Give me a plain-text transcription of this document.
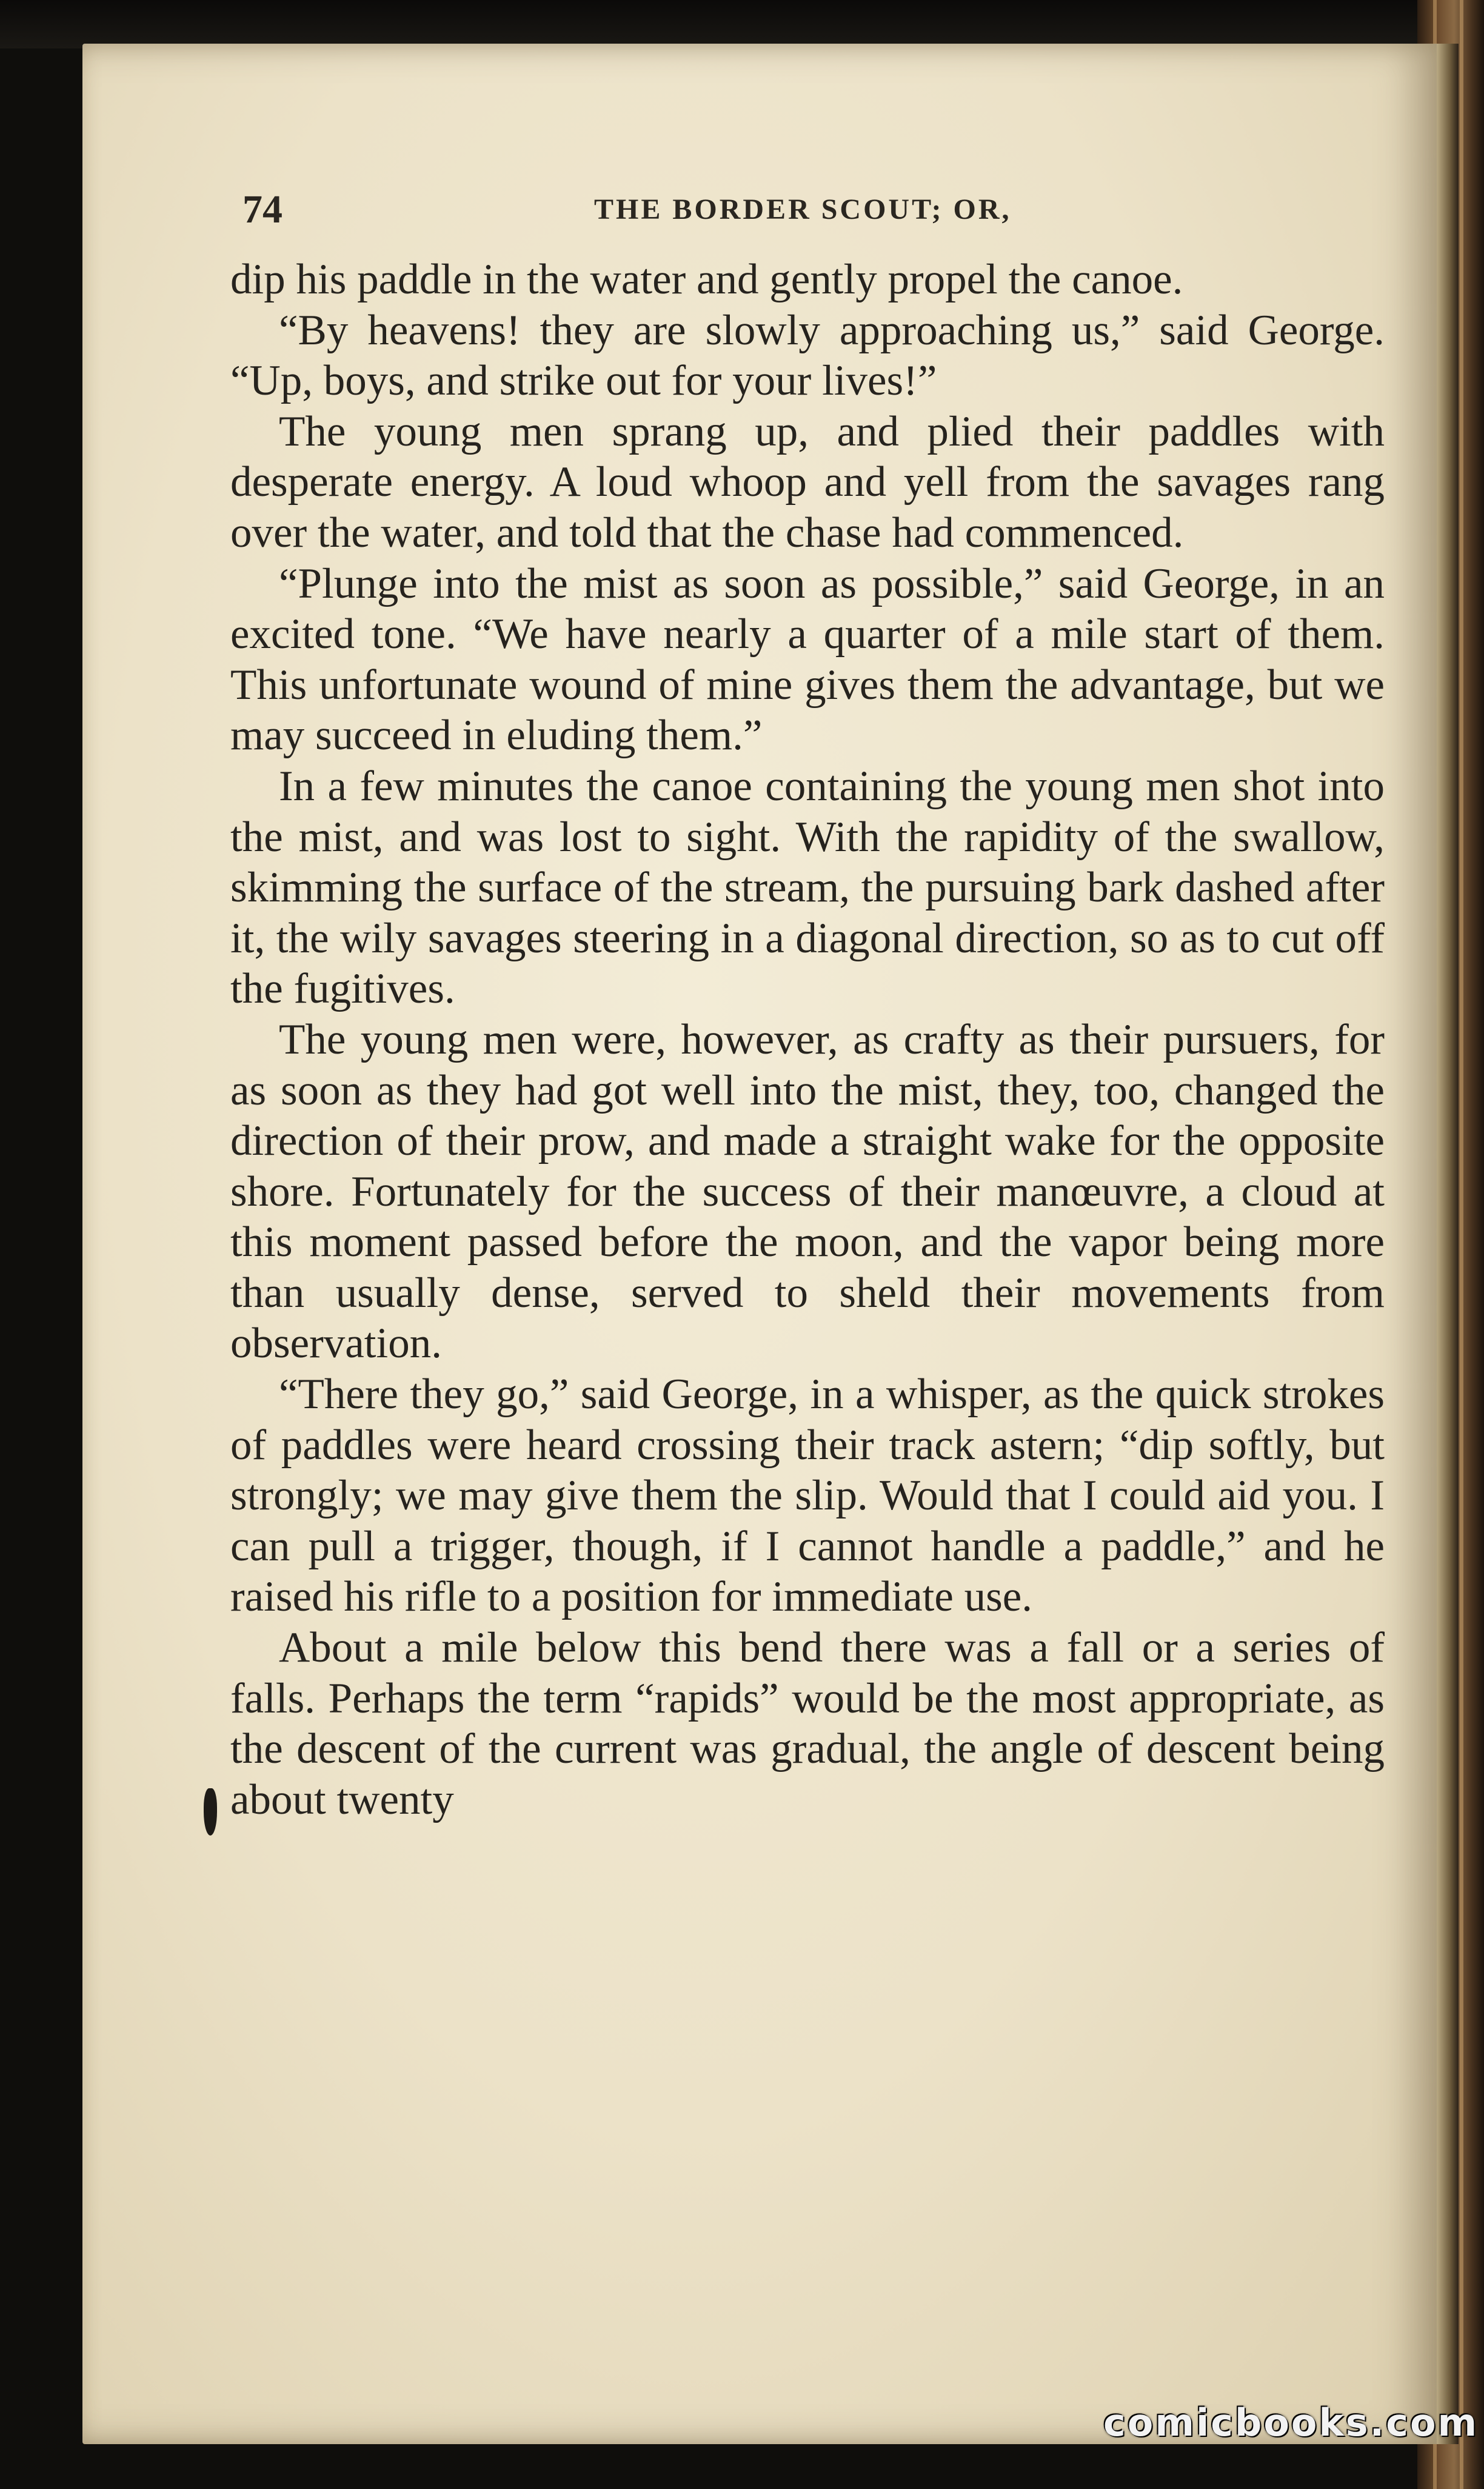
74	THE BORDER SCOUT; OR,

dip his paddle in the water and gently propel the canoe.

“By heavens! they are slowly approaching us,” said George. “Up, boys, and strike out for your lives!”

The young men sprang up, and plied their paddles with desperate energy. A loud whoop and yell from the savages rang over the water, and told that the chase had commenced.

“Plunge into the mist as soon as possible,” said George, in an excited tone. “We have nearly a quarter of a mile start of them. This unfortunate wound of mine gives them the advantage, but we may succeed in eluding them.”

In a few minutes the canoe containing the young men shot into the mist, and was lost to sight. With the rapidity of the swallow, skimming the surface of the stream, the pursuing bark dashed after it, the wily savages steering in a diagonal direction, so as to cut off the fugitives.

The young men were, however, as crafty as their pursuers, for as soon as they had got well into the mist, they, too, changed the direction of their prow, and made a straight wake for the opposite shore. Fortunately for the success of their manœuvre, a cloud at this moment passed before the moon, and the vapor being more than usually dense, served to sheld their movements from observation.

“There they go,” said George, in a whisper, as the quick strokes of paddles were heard crossing their track astern; “dip softly, but strongly; we may give them the slip. Would that I could aid you. I can pull a trigger, though, if I cannot handle a paddle,” and he raised his rifle to a position for immediate use.

About a mile below this bend there was a fall or a series of falls. Perhaps the term “rapids” would be the most appropriate, as the descent of the current was gradual, the angle of descent being about twenty

comicbooks.com
